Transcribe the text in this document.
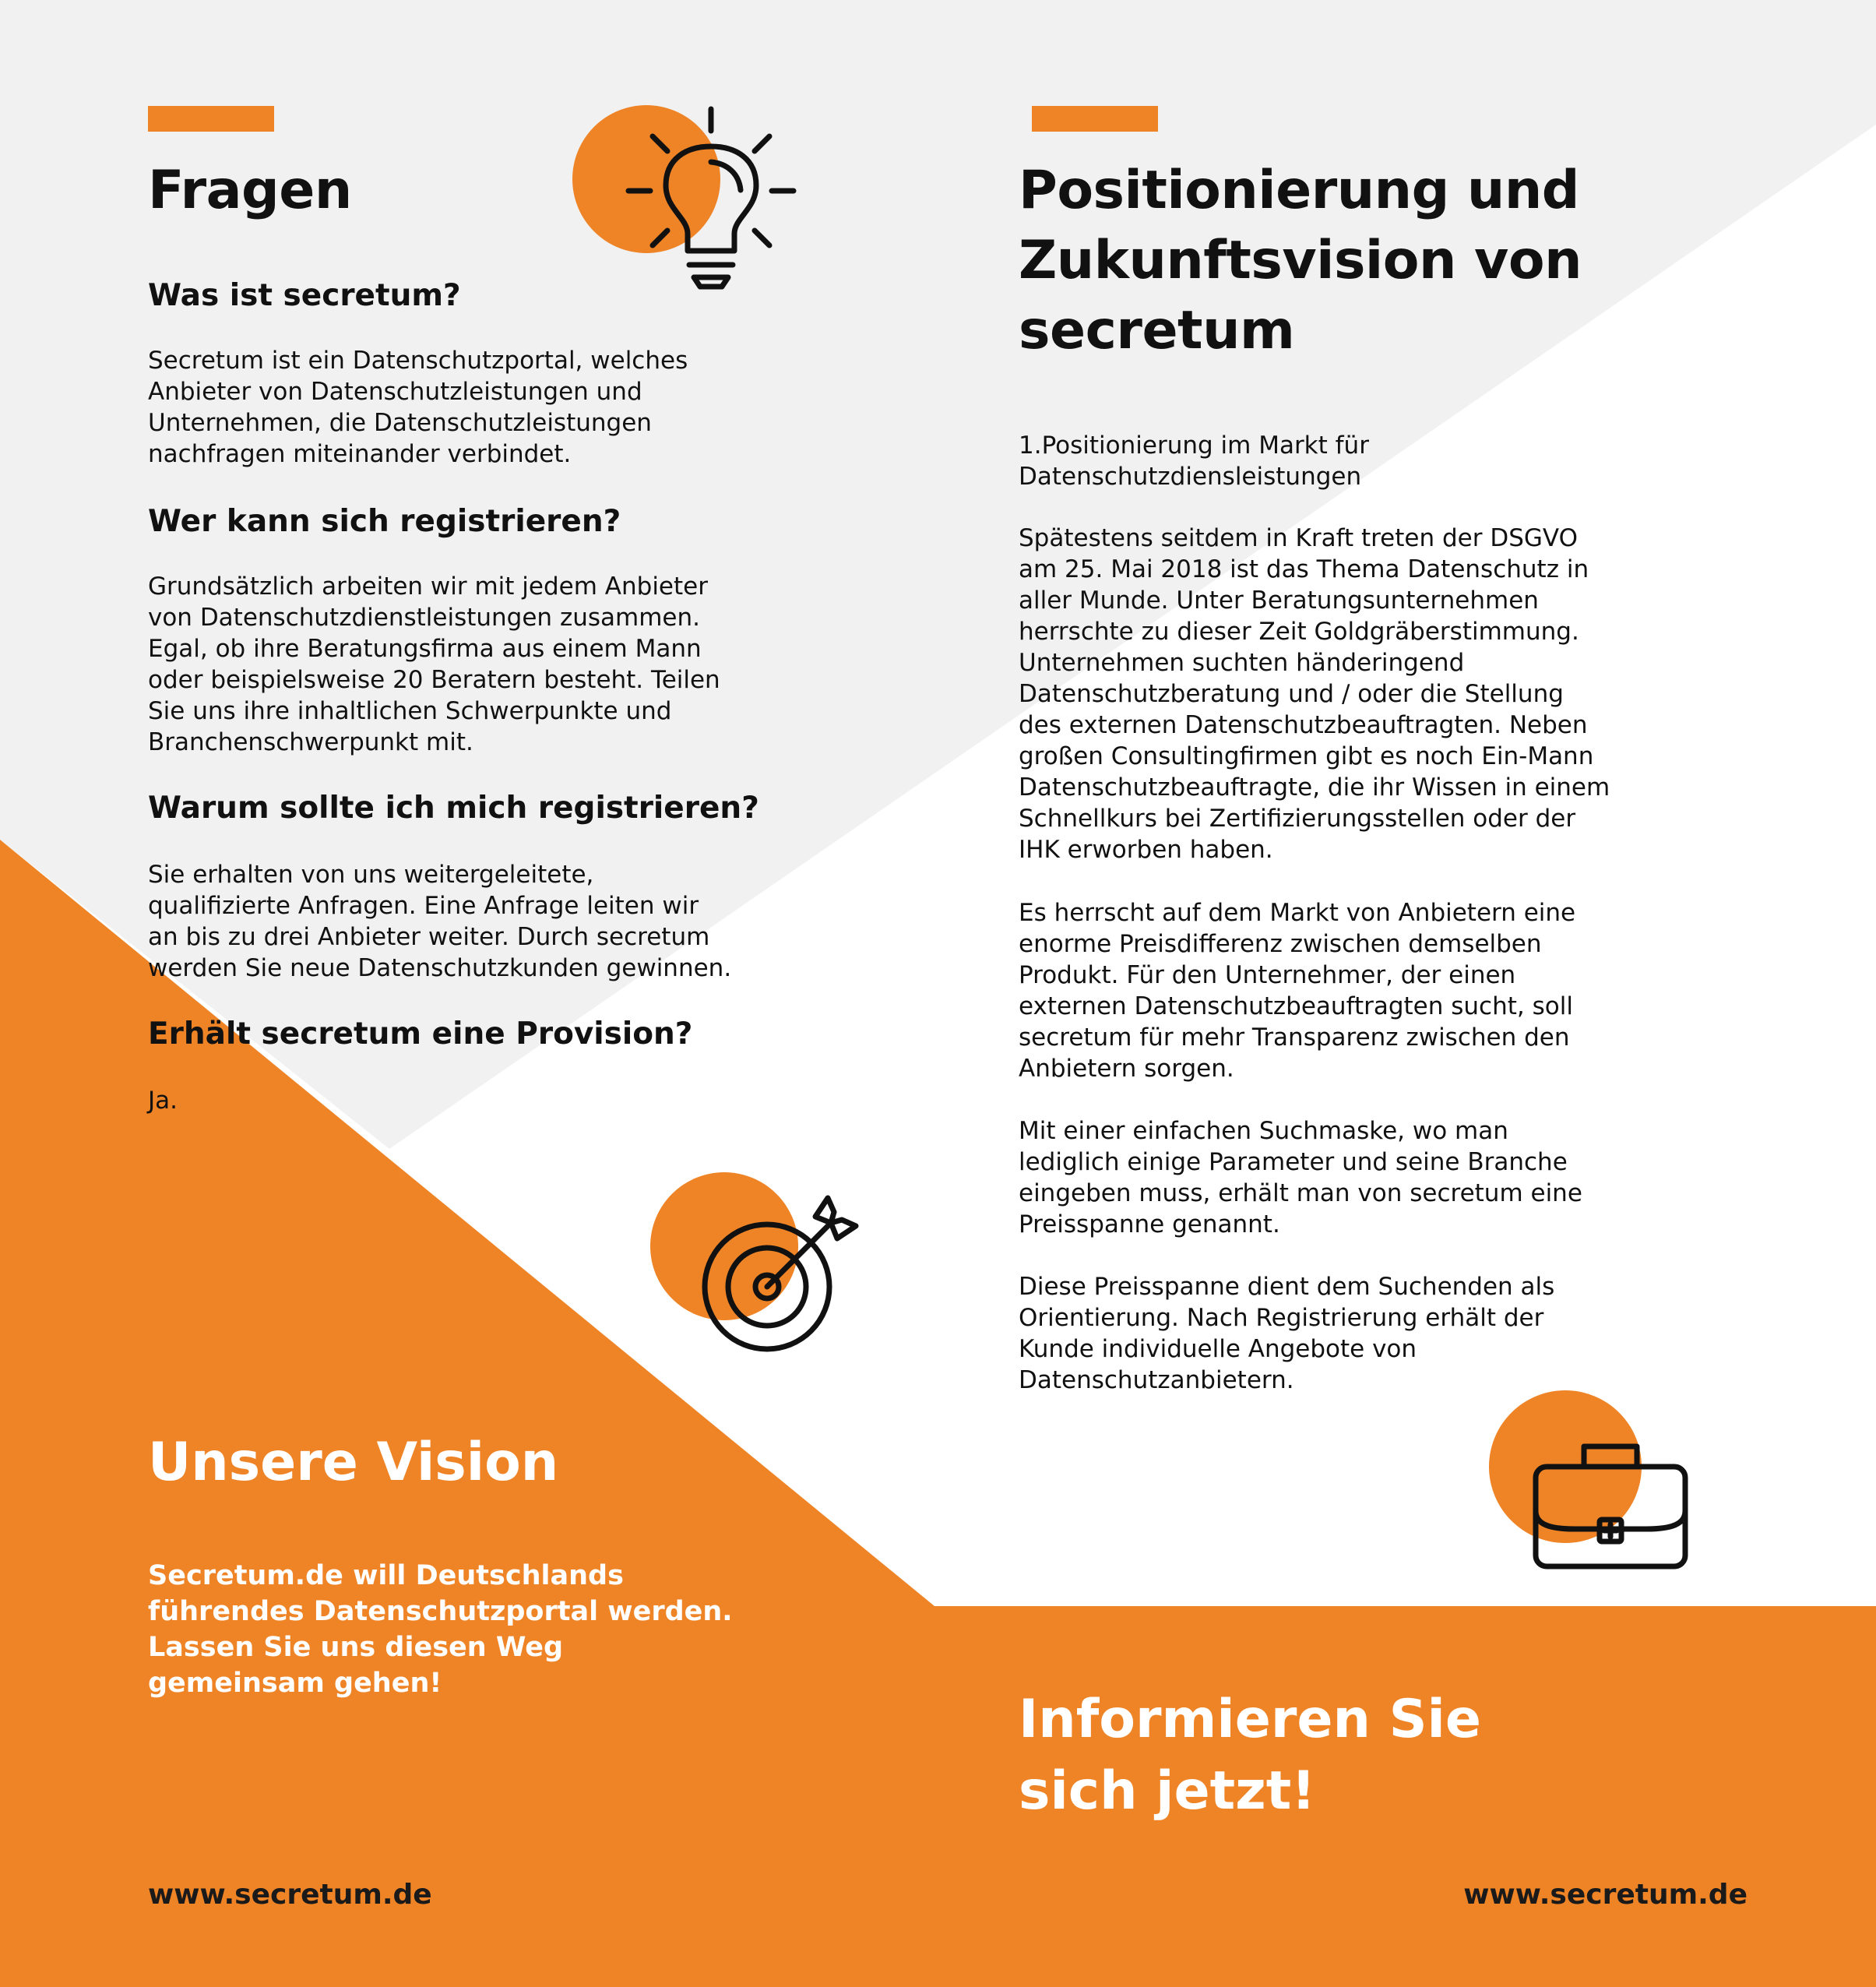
Fragen
Was ist secretum?
Secretum ist ein Datenschutzportal, welches
Anbieter von Datenschutzleistungen und
Unternehmen, die Datenschutzleistungen
nachfragen miteinander verbindet.
Wer kann sich registrieren?
Grundsätzlich arbeiten wir mit jedem Anbieter
von Datenschutzdienstleistungen zusammen.
Egal, ob ihre Beratungsfirma aus einem Mann
oder beispielsweise 20 Beratern besteht. Teilen
Sie uns ihre inhaltlichen Schwerpunkte und
Branchenschwerpunkt mit.
Warum sollte ich mich registrieren?
Sie erhalten von uns weitergeleitete,
qualifizierte Anfragen. Eine Anfrage leiten wir
an bis zu drei Anbieter weiter. Durch secretum
werden Sie neue Datenschutzkunden gewinnen.
Erhält secretum eine Provision?
Ja.
Unsere Vision
Secretum.de will Deutschlands
führendes Datenschutzportal werden.
Lassen Sie uns diesen Weg
gemeinsam gehen!
www.secretum.de
Positionierung und
Zukunftsvision von
secretum
1.Positionierung im Markt für
Datenschutzdiensleistungen
Spätestens seitdem in Kraft treten der DSGVO
am 25. Mai 2018 ist das Thema Datenschutz in
aller Munde. Unter Beratungsunternehmen
herrschte zu dieser Zeit Goldgräberstimmung.
Unternehmen suchten händeringend
Datenschutzberatung und / oder die Stellung
des externen Datenschutzbeauftragten. Neben
großen Consultingfirmen gibt es noch Ein-Mann
Datenschutzbeauftragte, die ihr Wissen in einem
Schnellkurs bei Zertifizierungsstellen oder der
IHK erworben haben.
Es herrscht auf dem Markt von Anbietern eine
enorme Preisdifferenz zwischen demselben
Produkt. Für den Unternehmer, der einen
externen Datenschutzbeauftragten sucht, soll
secretum für mehr Transparenz zwischen den
Anbietern sorgen.
Mit einer einfachen Suchmaske, wo man
lediglich einige Parameter und seine Branche
eingeben muss, erhält man von secretum eine
Preisspanne genannt.
Diese Preisspanne dient dem Suchenden als
Orientierung. Nach Registrierung erhält der
Kunde individuelle Angebote von
Datenschutzanbietern.
Informieren Sie
sich jetzt!
www.secretum.de
